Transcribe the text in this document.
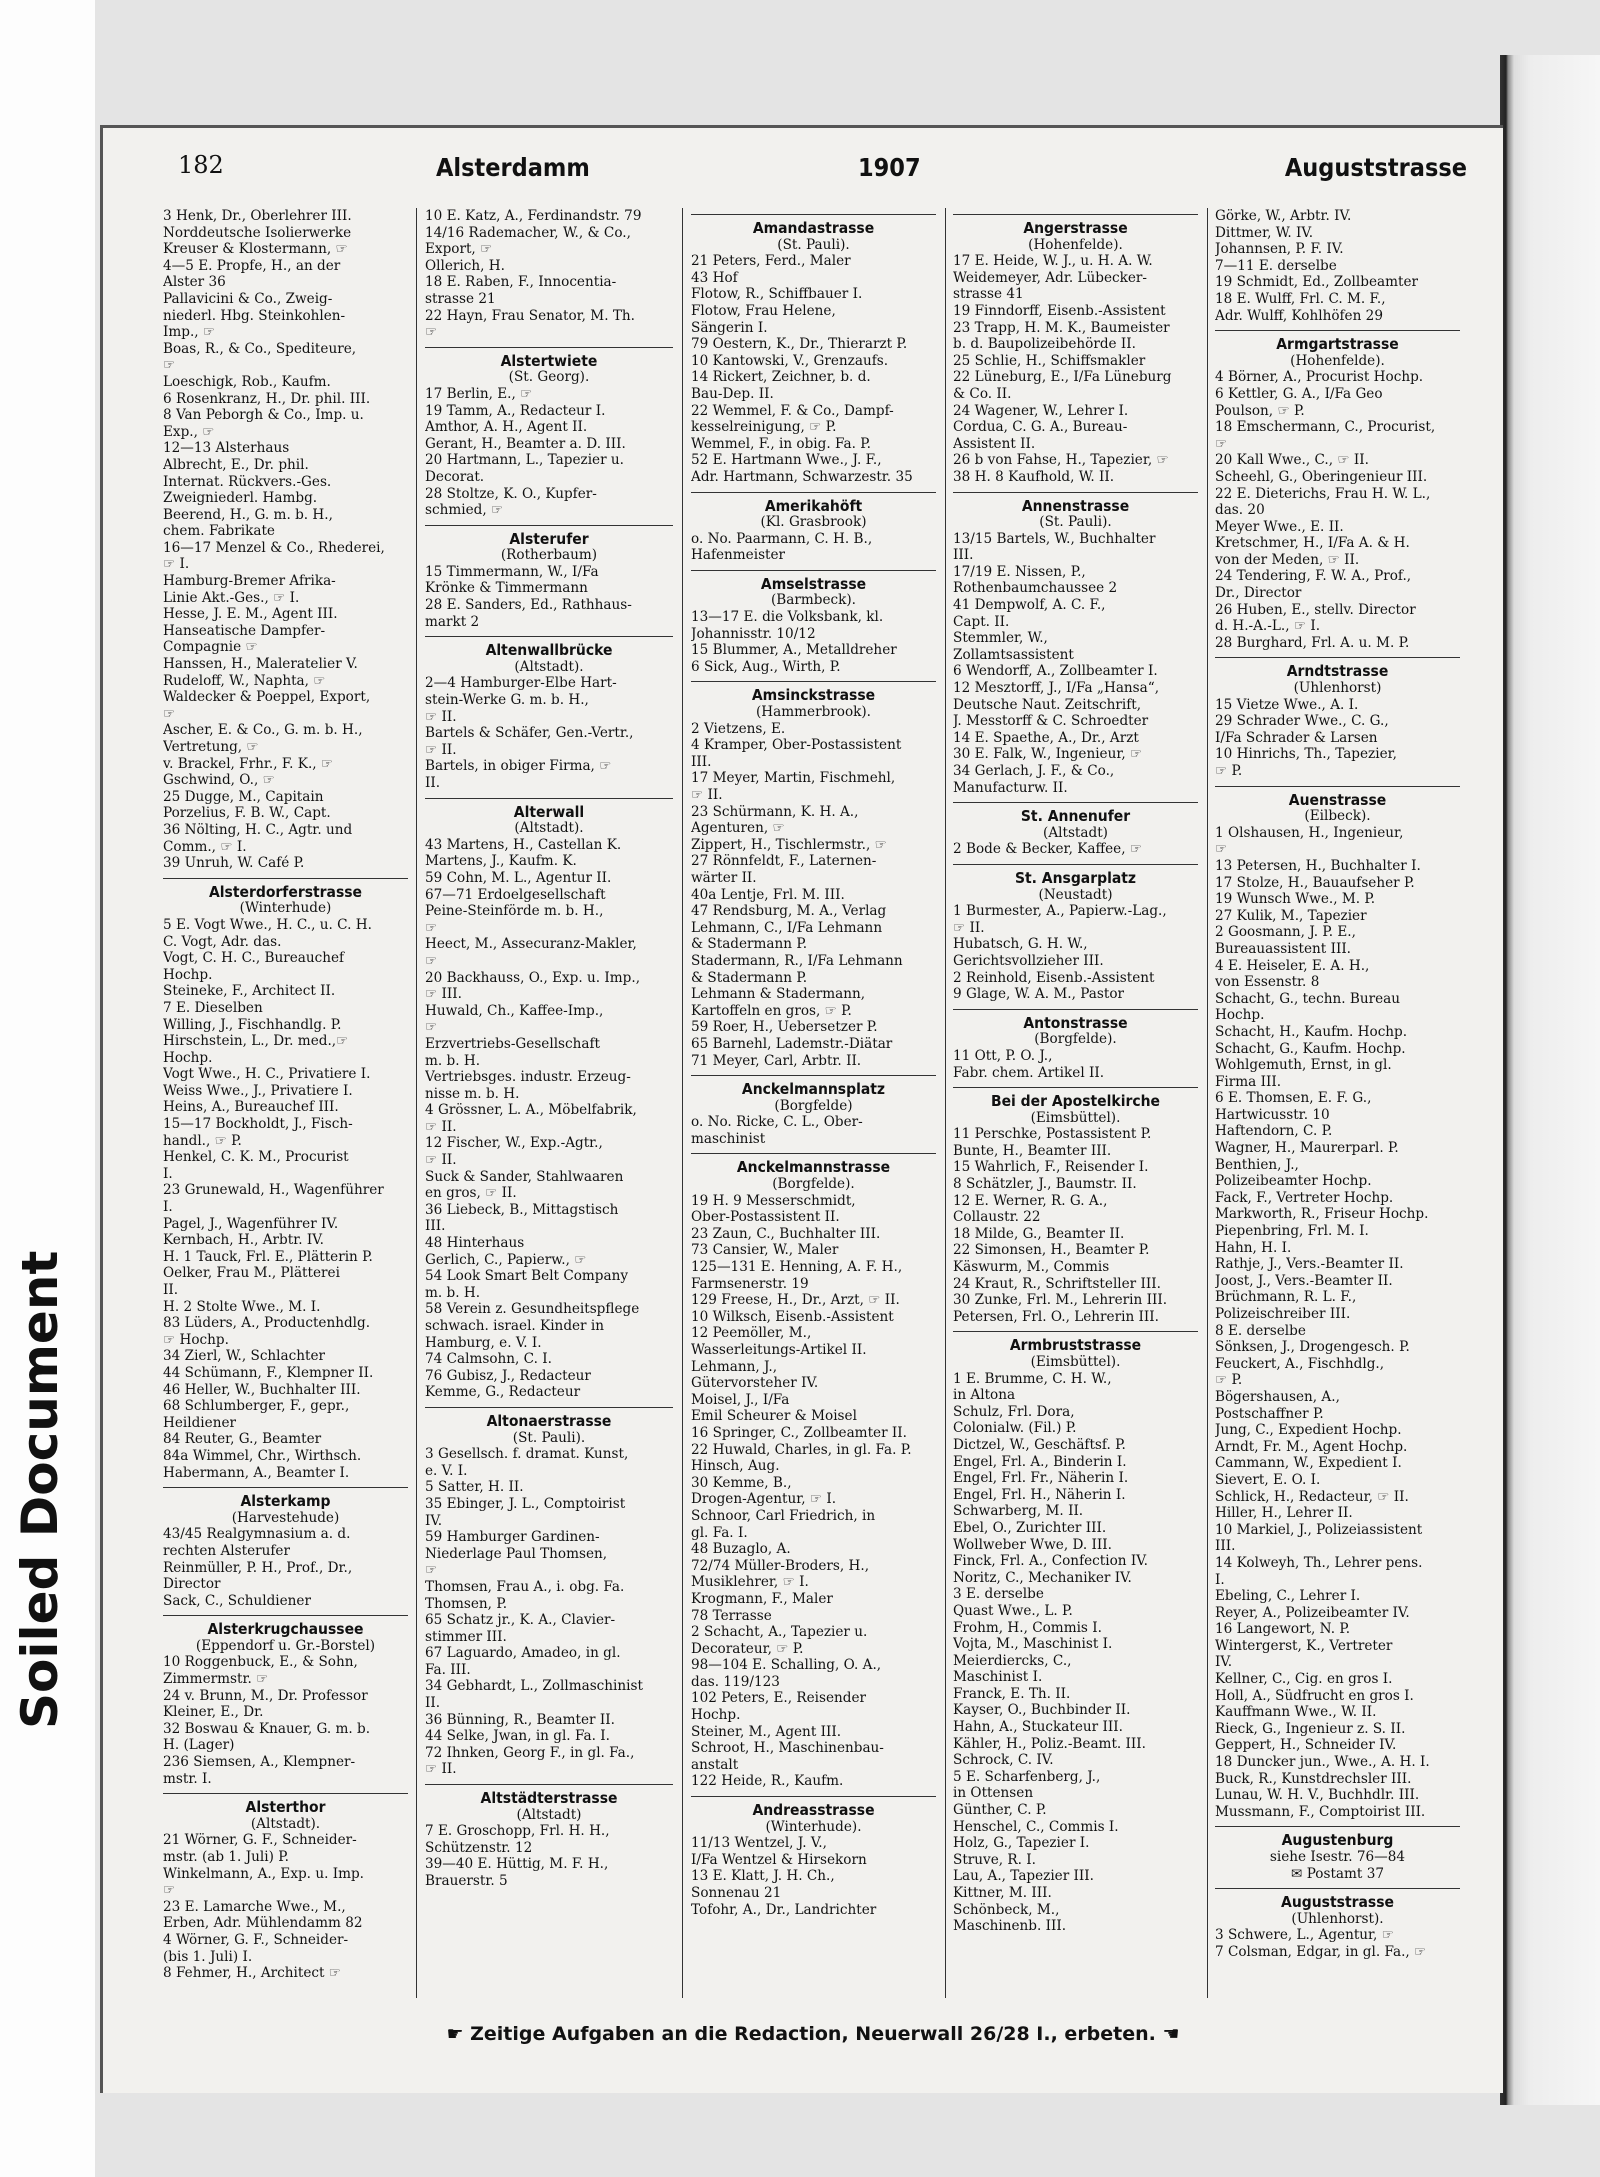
Soiled Document
182	Alsterdamm	1907	Auguststrasse
3 Henk, Dr., Oberlehrer III.
Norddeutsche Isolierwerke
Kreuser & Klostermann, ☞
4—5 E. Propfe, H., an der
Alster 36
Pallavicini & Co., Zweig-
niederl. Hbg. Steinkohlen-
Imp., ☞
Boas, R., & Co., Spediteure,
☞
Loeschigk, Rob., Kaufm.
6 Rosenkranz, H., Dr. phil. III.
8 Van Peborgh & Co., Imp. u.
Exp., ☞
12—13 Alsterhaus
Albrecht, E., Dr. phil.
Internat. Rückvers.-Ges.
Zweigniederl. Hambg.
Beerend, H., G. m. b. H.,
chem. Fabrikate
16—17 Menzel & Co., Rhederei,
☞ I.
Hamburg-Bremer Afrika-
Linie Akt.-Ges., ☞ I.
Hesse, J. E. M., Agent III.
Hanseatische Dampfer-
Compagnie ☞
Hanssen, H., Maleratelier V.
Rudeloff, W., Naphta, ☞
Waldecker & Poeppel, Export,
☞
Ascher, E. & Co., G. m. b. H.,
Vertretung, ☞
v. Brackel, Frhr., F. K., ☞
Gschwind, O., ☞
25 Dugge, M., Capitain
Porzelius, F. B. W., Capt.
36 Nölting, H. C., Agtr. und
Comm., ☞ I.
39 Unruh, W. Café P.
Alsterdorferstrasse
(Winterhude)
5 E. Vogt Wwe., H. C., u. C. H.
C. Vogt, Adr. das.
Vogt, C. H. C., Bureauchef
Hochp.
Steineke, F., Architect II.
7 E. Dieselben
Willing, J., Fischhandlg. P.
Hirschstein, L., Dr. med.,☞
Hochp.
Vogt Wwe., H. C., Privatiere I.
Weiss Wwe., J., Privatiere I.
Heins, A., Bureauchef III.
15—17 Bockholdt, J., Fisch-
handl., ☞ P.
Henkel, C. K. M., Procurist
I.
23 Grunewald, H., Wagenführer
I.
Pagel, J., Wagenführer IV.
Kernbach, H., Arbtr. IV.
H. 1 Tauck, Frl. E., Plätterin P.
Oelker, Frau M., Plätterei
II.
H. 2 Stolte Wwe., M. I.
83 Lüders, A., Productenhdlg.
☞ Hochp.
34 Zierl, W., Schlachter
44 Schümann, F., Klempner II.
46 Heller, W., Buchhalter III.
68 Schlumberger, F., gepr.,
Heildiener
84 Reuter, G., Beamter
84a Wimmel, Chr., Wirthsch.
Habermann, A., Beamter I.
Alsterkamp
(Harvestehude)
43/45 Realgymnasium a. d.
rechten Alsterufer
Reinmüller, P. H., Prof., Dr.,
Director
Sack, C., Schuldiener
Alsterkrugchaussee
(Eppendorf u. Gr.-Borstel)
10 Roggenbuck, E., & Sohn,
Zimmermstr. ☞
24 v. Brunn, M., Dr. Professor
Kleiner, E., Dr.
32 Boswau & Knauer, G. m. b.
H. (Lager)
236 Siemsen, A., Klempner-
mstr. I.
Alsterthor
(Altstadt).
21 Wörner, G. F., Schneider-
mstr. (ab 1. Juli) P.
Winkelmann, A., Exp. u. Imp.
☞
23 E. Lamarche Wwe., M.,
Erben, Adr. Mühlendamm 82
4 Wörner, G. F., Schneider-
(bis 1. Juli) I.
8 Fehmer, H., Architect ☞
10 E. Katz, A., Ferdinandstr. 79
14/16 Rademacher, W., & Co.,
Export, ☞
Ollerich, H.
18 E. Raben, F., Innocentia-
strasse 21
22 Hayn, Frau Senator, M. Th.
☞
Alstertwiete
(St. Georg).
17 Berlin, E., ☞
19 Tamm, A., Redacteur I.
Amthor, A. H., Agent II.
Gerant, H., Beamter a. D. III.
20 Hartmann, L., Tapezier u.
Decorat.
28 Stoltze, K. O., Kupfer-
schmied, ☞
Alsterufer
(Rotherbaum)
15 Timmermann, W., I/Fa
Krönke & Timmermann
28 E. Sanders, Ed., Rathhaus-
markt 2
Altenwallbrücke
(Altstadt).
2—4 Hamburger-Elbe Hart-
stein-Werke G. m. b. H.,
☞ II.
Bartels & Schäfer, Gen.-Vertr.,
☞ II.
Bartels, in obiger Firma, ☞
II.
Alterwall
(Altstadt).
43 Martens, H., Castellan K.
Martens, J., Kaufm. K.
59 Cohn, M. L., Agentur II.
67—71 Erdoelgesellschaft
Peine-Steinförde m. b. H.,
☞
Heect, M., Assecuranz-Makler,
☞
20 Backhauss, O., Exp. u. Imp.,
☞ III.
Huwald, Ch., Kaffee-Imp.,
☞
Erzvertriebs-Gesellschaft
m. b. H.
Vertriebsges. industr. Erzeug-
nisse m. b. H.
4 Grössner, L. A., Möbelfabrik,
☞ II.
12 Fischer, W., Exp.-Agtr.,
☞ II.
Suck & Sander, Stahlwaaren
en gros, ☞ II.
36 Liebeck, B., Mittagstisch
III.
48 Hinterhaus
Gerlich, C., Papierw., ☞
54 Look Smart Belt Company
m. b. H.
58 Verein z. Gesundheitspflege
schwach. israel. Kinder in
Hamburg, e. V. I.
74 Calmsohn, C. I.
76 Gubisz, J., Redacteur
Kemme, G., Redacteur
Altonaerstrasse
(St. Pauli).
3 Gesellsch. f. dramat. Kunst,
e. V. I.
5 Satter, H. II.
35 Ebinger, J. L., Comptoirist
IV.
59 Hamburger Gardinen-
Niederlage Paul Thomsen,
☞
Thomsen, Frau A., i. obg. Fa.
Thomsen, P.
65 Schatz jr., K. A., Clavier-
stimmer III.
67 Laguardo, Amadeo, in gl.
Fa. III.
34 Gebhardt, L., Zollmaschinist
II.
36 Bünning, R., Beamter II.
44 Selke, Jwan, in gl. Fa. I.
72 Ihnken, Georg F., in gl. Fa.,
☞ II.
Altstädterstrasse
(Altstadt)
7 E. Groschopp, Frl. H. H.,
Schützenstr. 12
39—40 E. Hüttig, M. F. H.,
Brauerstr. 5
Amandastrasse
(St. Pauli).
21 Peters, Ferd., Maler
43 Hof
Flotow, R., Schiffbauer I.
Flotow, Frau Helene,
Sängerin I.
79 Oestern, K., Dr., Thierarzt P.
10 Kantowski, V., Grenzaufs.
14 Rickert, Zeichner, b. d.
Bau-Dep. II.
22 Wemmel, F. & Co., Dampf-
kesselreinigung, ☞ P.
Wemmel, F., in obig. Fa. P.
52 E. Hartmann Wwe., J. F.,
Adr. Hartmann, Schwarzestr. 35
Amerikahöft
(Kl. Grasbrook)
o. No. Paarmann, C. H. B.,
Hafenmeister
Amselstrasse
(Barmbeck).
13—17 E. die Volksbank, kl.
Johannisstr. 10/12
15 Blummer, A., Metalldreher
6 Sick, Aug., Wirth, P.
Amsinckstrasse
(Hammerbrook).
2 Vietzens, E.
4 Kramper, Ober-Postassistent
III.
17 Meyer, Martin, Fischmehl,
☞ II.
23 Schürmann, K. H. A.,
Agenturen, ☞
Zippert, H., Tischlermstr., ☞
27 Rönnfeldt, F., Laternen-
wärter II.
40a Lentje, Frl. M. III.
47 Rendsburg, M. A., Verlag
Lehmann, C., I/Fa Lehmann
& Stadermann P.
Stadermann, R., I/Fa Lehmann
& Stadermann P.
Lehmann & Stadermann,
Kartoffeln en gros, ☞ P.
59 Roer, H., Uebersetzer P.
65 Barnehl, Lademstr.-Diätar
71 Meyer, Carl, Arbtr. II.
Anckelmannsplatz
(Borgfelde)
o. No. Ricke, C. L., Ober-
maschinist
Anckelmannstrasse
(Borgfelde).
19 H. 9 Messerschmidt,
Ober-Postassistent II.
23 Zaun, C., Buchhalter III.
73 Cansier, W., Maler
125—131 E. Henning, A. F. H.,
Farmsenerstr. 19
129 Freese, H., Dr., Arzt, ☞ II.
10 Wilksch, Eisenb.-Assistent
12 Peemöller, M.,
Wasserleitungs-Artikel II.
Lehmann, J.,
Gütervorsteher IV.
Moisel, J., I/Fa
Emil Scheurer & Moisel
16 Springer, C., Zollbeamter II.
22 Huwald, Charles, in gl. Fa. P.
Hinsch, Aug.
30 Kemme, B.,
Drogen-Agentur, ☞ I.
Schnoor, Carl Friedrich, in
gl. Fa. I.
48 Buzaglo, A.
72/74 Müller-Broders, H.,
Musiklehrer, ☞ I.
Krogmann, F., Maler
78 Terrasse
2 Schacht, A., Tapezier u.
Decorateur, ☞ P.
98—104 E. Schalling, O. A.,
das. 119/123
102 Peters, E., Reisender
Hochp.
Steiner, M., Agent III.
Schroot, H., Maschinenbau-
anstalt
122 Heide, R., Kaufm.
Andreasstrasse
(Winterhude).
11/13 Wentzel, J. V.,
I/Fa Wentzel & Hirsekorn
13 E. Klatt, J. H. Ch.,
Sonnenau 21
Tofohr, A., Dr., Landrichter
Angerstrasse
(Hohenfelde).
17 E. Heide, W. J., u. H. A. W.
Weidemeyer, Adr. Lübecker-
strasse 41
19 Finndorff, Eisenb.-Assistent
23 Trapp, H. M. K., Baumeister
b. d. Baupolizeibehörde II.
25 Schlie, H., Schiffsmakler
22 Lüneburg, E., I/Fa Lüneburg
& Co. II.
24 Wagener, W., Lehrer I.
Cordua, C. G. A., Bureau-
Assistent II.
26 b von Fahse, H., Tapezier, ☞
38 H. 8 Kaufhold, W. II.
Annenstrasse
(St. Pauli).
13/15 Bartels, W., Buchhalter
III.
17/19 E. Nissen, P.,
Rothenbaumchaussee 2
41 Dempwolf, A. C. F.,
Capt. II.
Stemmler, W.,
Zollamtsassistent
6 Wendorff, A., Zollbeamter I.
12 Mesztorff, J., I/Fa „Hansa“,
Deutsche Naut. Zeitschrift,
J. Messtorff & C. Schroedter
14 E. Spaethe, A., Dr., Arzt
30 E. Falk, W., Ingenieur, ☞
34 Gerlach, J. F., & Co.,
Manufacturw. II.
St. Annenufer
(Altstadt)
2 Bode & Becker, Kaffee, ☞
St. Ansgarplatz
(Neustadt)
1 Burmester, A., Papierw.-Lag.,
☞ II.
Hubatsch, G. H. W.,
Gerichtsvollzieher III.
2 Reinhold, Eisenb.-Assistent
9 Glage, W. A. M., Pastor
Antonstrasse
(Borgfelde).
11 Ott, P. O. J.,
Fabr. chem. Artikel II.
Bei der Apostelkirche
(Eimsbüttel).
11 Perschke, Postassistent P.
Bunte, H., Beamter III.
15 Wahrlich, F., Reisender I.
8 Schätzler, J., Baumstr. II.
12 E. Werner, R. G. A.,
Collaustr. 22
18 Milde, G., Beamter II.
22 Simonsen, H., Beamter P.
Käswurm, M., Commis
24 Kraut, R., Schriftsteller III.
30 Zunke, Frl. M., Lehrerin III.
Petersen, Frl. O., Lehrerin III.
Armbruststrasse
(Eimsbüttel).
1 E. Brumme, C. H. W.,
in Altona
Schulz, Frl. Dora,
Colonialw. (Fil.) P.
Dictzel, W., Geschäftsf. P.
Engel, Frl. A., Binderin I.
Engel, Frl. Fr., Näherin I.
Engel, Frl. H., Näherin I.
Schwarberg, M. II.
Ebel, O., Zurichter III.
Wollweber Wwe, D. III.
Finck, Frl. A., Confection IV.
Noritz, C., Mechaniker IV.
3 E. derselbe
Quast Wwe., L. P.
Frohm, H., Commis I.
Vojta, M., Maschinist I.
Meierdiercks, C.,
Maschinist I.
Franck, E. Th. II.
Kayser, O., Buchbinder II.
Hahn, A., Stuckateur III.
Kähler, H., Poliz.-Beamt. III.
Schrock, C. IV.
5 E. Scharfenberg, J.,
in Ottensen
Günther, C. P.
Henschel, C., Commis I.
Holz, G., Tapezier I.
Struve, R. I.
Lau, A., Tapezier III.
Kittner, M. III.
Schönbeck, M.,
Maschinenb. III.
Görke, W., Arbtr. IV.
Dittmer, W. IV.
Johannsen, P. F. IV.
7—11 E. derselbe
19 Schmidt, Ed., Zollbeamter
18 E. Wulff, Frl. C. M. F.,
Adr. Wulff, Kohlhöfen 29
Armgartstrasse
(Hohenfelde).
4 Börner, A., Procurist Hochp.
6 Kettler, G. A., I/Fa Geo
Poulson, ☞ P.
18 Emschermann, C., Procurist,
☞
20 Kall Wwe., C., ☞ II.
Scheehl, G., Oberingenieur III.
22 E. Dieterichs, Frau H. W. L.,
das. 20
Meyer Wwe., E. II.
Kretschmer, H., I/Fa A. & H.
von der Meden, ☞ II.
24 Tendering, F. W. A., Prof.,
Dr., Director
26 Huben, E., stellv. Director
d. H.-A.-L., ☞ I.
28 Burghard, Frl. A. u. M. P.
Arndtstrasse
(Uhlenhorst)
15 Vietze Wwe., A. I.
29 Schrader Wwe., C. G.,
I/Fa Schrader & Larsen
10 Hinrichs, Th., Tapezier,
☞ P.
Auenstrasse
(Eilbeck).
1 Olshausen, H., Ingenieur,
☞
13 Petersen, H., Buchhalter I.
17 Stolze, H., Bauaufseher P.
19 Wunsch Wwe., M. P.
27 Kulik, M., Tapezier
2 Goosmann, J. P. E.,
Bureauassistent III.
4 E. Heiseler, E. A. H.,
von Essenstr. 8
Schacht, G., techn. Bureau
Hochp.
Schacht, H., Kaufm. Hochp.
Schacht, G., Kaufm. Hochp.
Wohlgemuth, Ernst, in gl.
Firma III.
6 E. Thomsen, E. F. G.,
Hartwicusstr. 10
Haftendorn, C. P.
Wagner, H., Maurerparl. P.
Benthien, J.,
Polizeibeamter Hochp.
Fack, F., Vertreter Hochp.
Markworth, R., Friseur Hochp.
Piepenbring, Frl. M. I.
Hahn, H. I.
Rathje, J., Vers.-Beamter II.
Joost, J., Vers.-Beamter II.
Brüchmann, R. L. F.,
Polizeischreiber III.
8 E. derselbe
Sönksen, J., Drogengesch. P.
Feuckert, A., Fischhdlg.,
☞ P.
Bögershausen, A.,
Postschaffner P.
Jung, C., Expedient Hochp.
Arndt, Fr. M., Agent Hochp.
Cammann, W., Expedient I.
Sievert, E. O. I.
Schlick, H., Redacteur, ☞ II.
Hiller, H., Lehrer II.
10 Markiel, J., Polizeiassistent
III.
14 Kolweyh, Th., Lehrer pens.
I.
Ebeling, C., Lehrer I.
Reyer, A., Polizeibeamter IV.
16 Langewort, N. P.
Wintergerst, K., Vertreter
IV.
Kellner, C., Cig. en gros I.
Holl, A., Südfrucht en gros I.
Kauffmann Wwe., W. II.
Rieck, G., Ingenieur z. S. II.
Geppert, H., Schneider IV.
18 Duncker jun., Wwe., A. H. I.
Buck, R., Kunstdrechsler III.
Lunau, W. H. V., Buchhdlr. III.
Mussmann, F., Comptoirist III.
Augustenburg
siehe Isestr. 76—84
✉ Postamt 37
Auguststrasse
(Uhlenhorst).
3 Schwere, L., Agentur, ☞
7 Colsman, Edgar, in gl. Fa., ☞
☛ Zeitige Aufgaben an die Redaction, Neuerwall 26/28 I., erbeten. ☚
